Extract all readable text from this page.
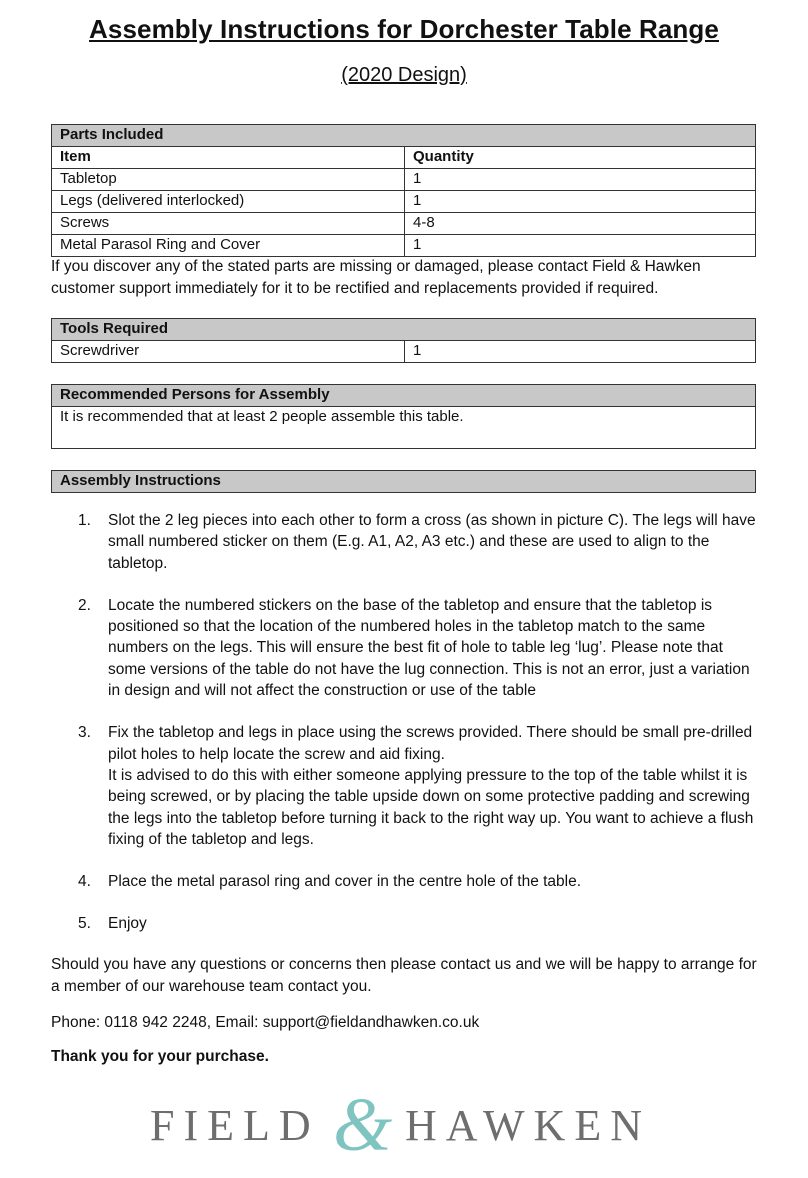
Assembly Instructions for Dorchester Table Range
(2020 Design)
Parts Included	
Item	Quantity
Tabletop	1
Legs (delivered interlocked)	1
Screws	4-8
Metal Parasol Ring and Cover	1
If you discover any of the stated parts are missing or damaged, please contact Field & Hawken customer support immediately for it to be rectified and replacements provided if required.
Tools Required
Screwdriver	1
Recommended Persons for Assembly
It is recommended that at least 2 people assemble this table.
Assembly Instructions
1. Slot the 2 leg pieces into each other to form a cross (as shown in picture C). The legs will have small numbered sticker on them (E.g. A1, A2, A3 etc.) and these are used to align to the tabletop.
2. Locate the numbered stickers on the base of the tabletop and ensure that the tabletop is positioned so that the location of the numbered holes in the tabletop match to the same numbers on the legs. This will ensure the best fit of hole to table leg ‘lug’. Please note that some versions of the table do not have the lug connection. This is not an error, just a variation in design and will not affect the construction or use of the table
3. Fix the tabletop and legs in place using the screws provided. There should be small pre-drilled pilot holes to help locate the screw and aid fixing.
It is advised to do this with either someone applying pressure to the top of the table whilst it is being screwed, or by placing the table upside down on some protective padding and screwing the legs into the tabletop before turning it back to the right way up. You want to achieve a flush fixing of the tabletop and legs.
4. Place the metal parasol ring and cover in the centre hole of the table.
5. Enjoy
Should you have any questions or concerns then please contact us and we will be happy to arrange for a member of our warehouse team contact you.
Phone: 0118 942 2248, Email: support@fieldandhawken.co.uk
Thank you for your purchase.
FIELD & HAWKEN
